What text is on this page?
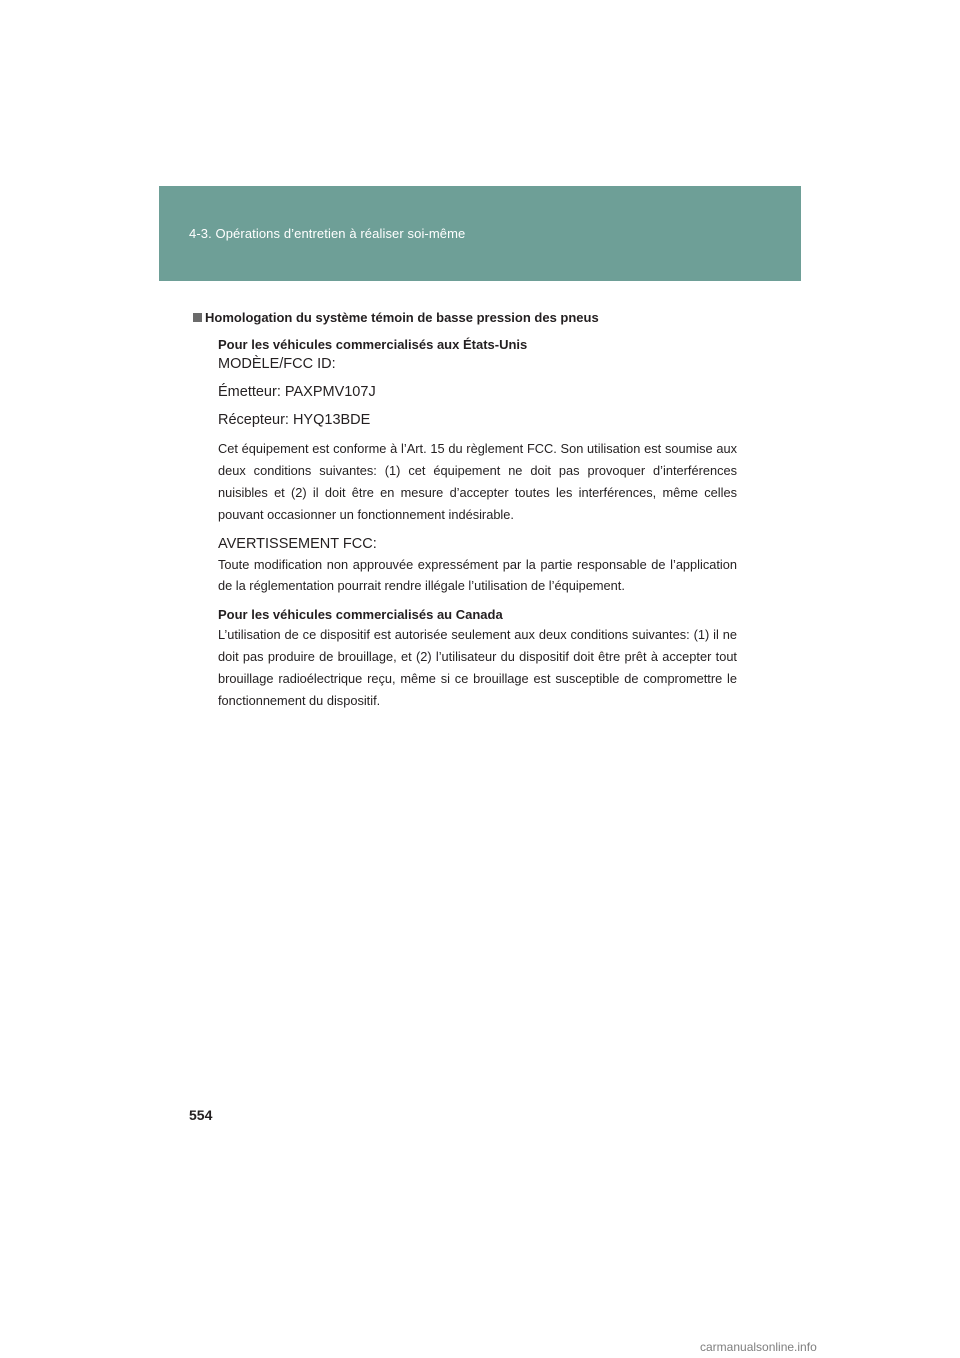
4-3. Opérations d’entretien à réaliser soi-même
Homologation du système témoin de basse pression des pneus
Pour les véhicules commercialisés aux États-Unis
MODÈLE/FCC ID:
Émetteur: PAXPMV107J
Récepteur: HYQ13BDE

Cet équipement est conforme à l’Art. 15 du règlement FCC. Son utilisation est soumise aux deux conditions suivantes: (1) cet équipement ne doit pas provoquer d’interférences nuisibles et (2) il doit être en mesure d’accepter toutes les interférences, même celles pouvant occasionner un fonctionnement indésirable.

AVERTISSEMENT FCC:

Toute modification non approuvée expressément par la partie responsable de l’application de la réglementation pourrait rendre illégale l’utilisation de l’équipement.

Pour les véhicules commercialisés au Canada

L’utilisation de ce dispositif est autorisée seulement aux deux conditions suivantes: (1) il ne doit pas produire de brouillage, et (2) l’utilisateur du dispositif doit être prêt à accepter tout brouillage radioélectrique reçu, même si ce brouillage est susceptible de compromettre le fonctionnement du dispositif.

554
carmanualsonline.info
